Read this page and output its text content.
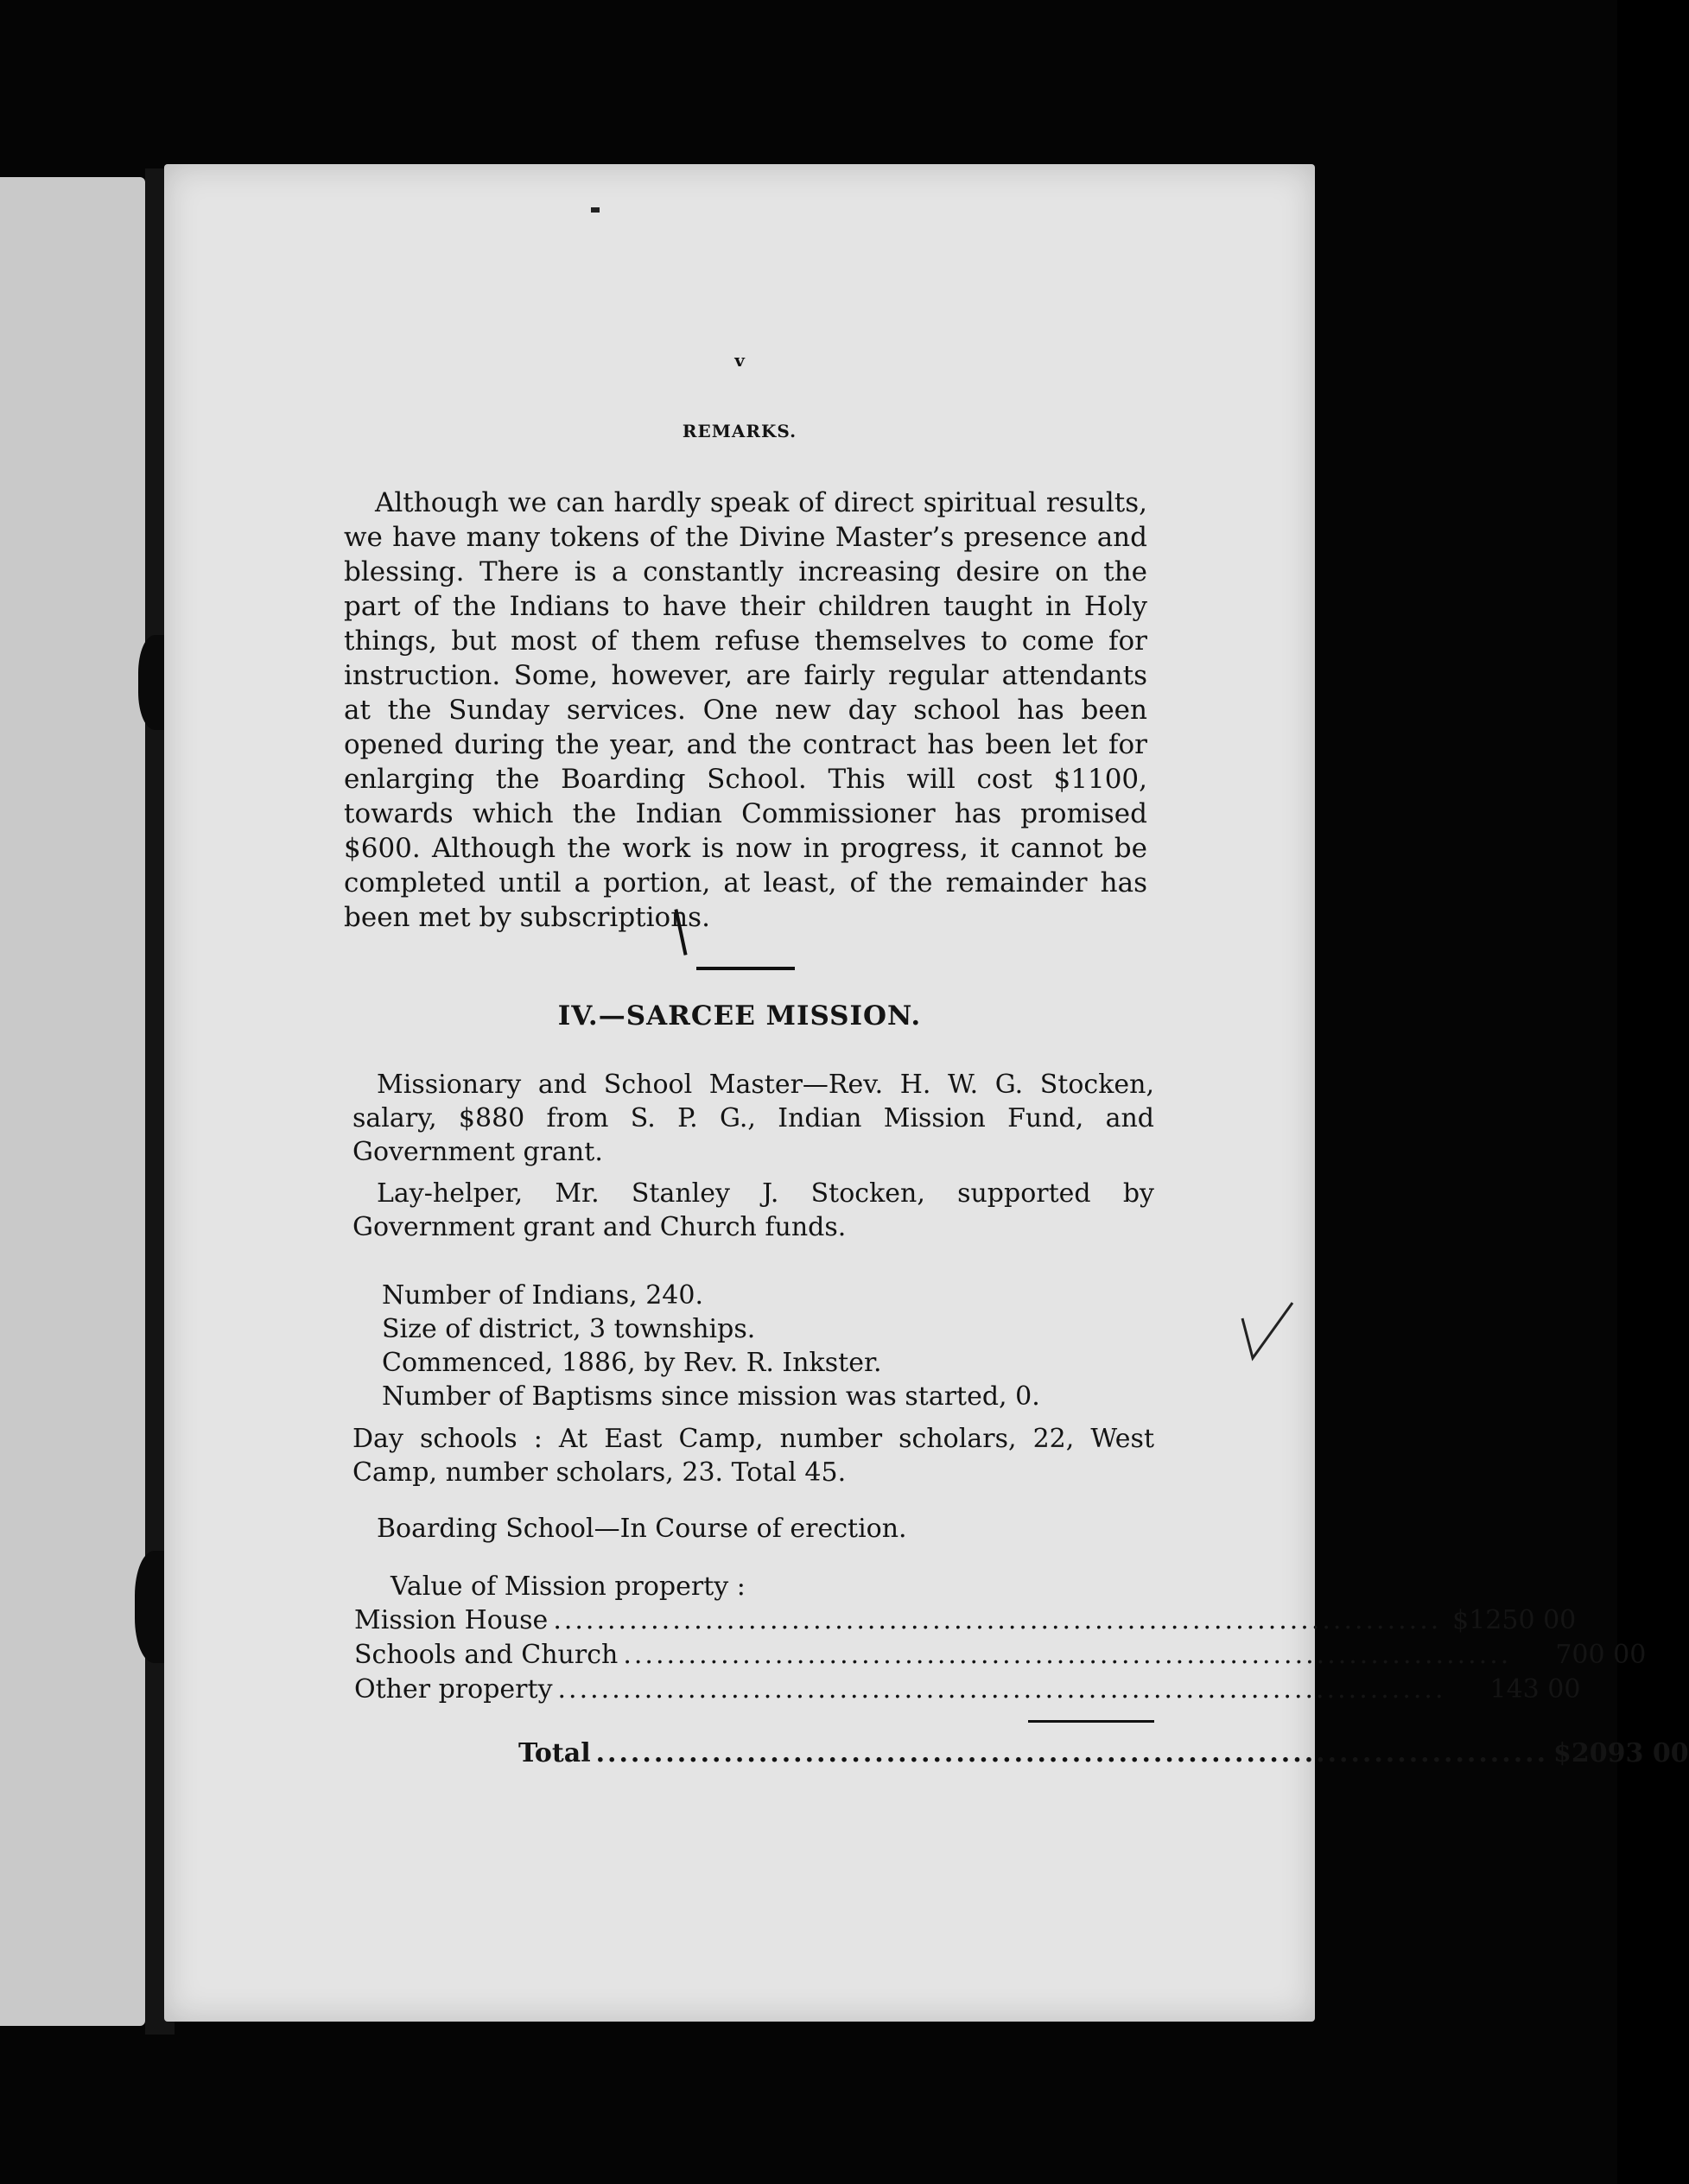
v
REMARKS.

Although we can hardly speak of direct spiritual results, we have many tokens of the Divine Master’s presence and blessing. There is a constantly increasing desire on the part of the Indians to have their children taught in Holy things, but most of them refuse themselves to come for instruction. Some, however, are fairly regular attendants at the Sunday services. One new day school has been opened during the year, and the contract has been let for enlarging the Boarding School. This will cost $1100, towards which the Indian Commissioner has promised $600. Although the work is now in progress, it cannot be completed until a portion, at least, of the remainder has been met by subscriptions.

IV.—SARCEE MISSION.

Missionary and School Master—Rev. H. W. G. Stocken, salary, $880 from S. P. G., Indian Mission Fund, and Government grant.

Lay-helper, Mr. Stanley J. Stocken, supported by Government grant and Church funds.

Number of Indians, 240.
Size of district, 3 townships.
Commenced, 1886, by Rev. R. Inkster.
Number of Baptisms since mission was started, 0.

Day schools : At East Camp, number scholars, 22, West Camp, number scholars, 23. Total 45.

Boarding School—In Course of erection.

Value of Mission property :
Mission House .................................................................................. $1250 00
Schools and Church ..................................................................................	700 00
Other property ..................................................................................	143 00
Total .................................................................................. $2093 00
